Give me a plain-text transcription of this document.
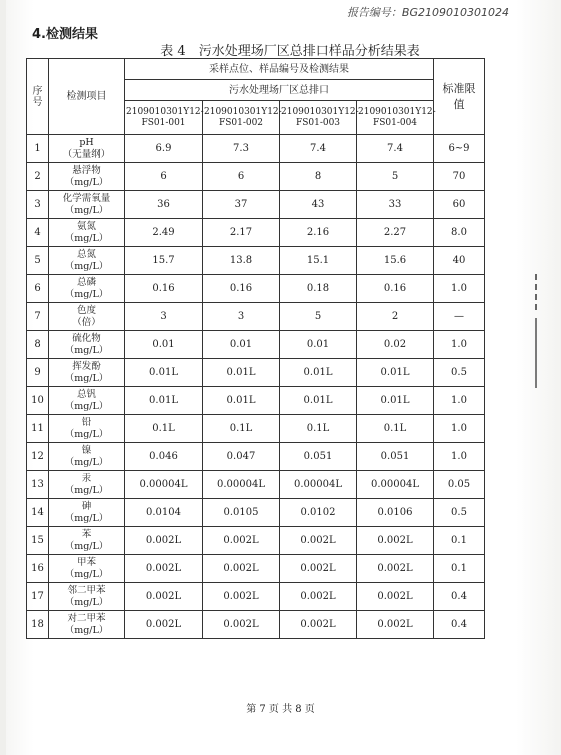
报告编号：BG2109010301024
4.检测结果
表 4　污水处理场厂区总排口样品分析结果表
序号	检测项目	采样点位、样品编号及检测结果				标准限值
		污水处理场厂区总排口				
		2109010301Y12-FS01-001	2109010301Y12-FS01-002	2109010301Y12-FS01-003	2109010301Y12-FS01-004	
1	pH
（无量纲）	6.9	7.3	7.4	7.4	6~9
2	悬浮物
（mg/L）	6	6	8	5	70
3	化学需氧量
（mg/L）	36	37	43	33	60
4	氨氮
（mg/L）	2.49	2.17	2.16	2.27	8.0
5	总氮
（mg/L）	15.7	13.8	15.1	15.6	40
6	总磷
（mg/L）	0.16	0.16	0.18	0.16	1.0
7	色度
（倍）	3	3	5	2	—
8	硫化物
（mg/L）	0.01	0.01	0.01	0.02	1.0
9	挥发酚
（mg/L）	0.01L	0.01L	0.01L	0.01L	0.5
10	总钒
（mg/L）	0.01L	0.01L	0.01L	0.01L	1.0
11	铅
（mg/L）	0.1L	0.1L	0.1L	0.1L	1.0
12	镍
（mg/L）	0.046	0.047	0.051	0.051	1.0
13	汞
（mg/L）	0.00004L	0.00004L	0.00004L	0.00004L	0.05
14	砷
（mg/L）	0.0104	0.0105	0.0102	0.0106	0.5
15	苯
（mg/L）	0.002L	0.002L	0.002L	0.002L	0.1
16	甲苯
（mg/L）	0.002L	0.002L	0.002L	0.002L	0.1
17	邻二甲苯
（mg/L）	0.002L	0.002L	0.002L	0.002L	0.4
18	对二甲苯
（mg/L）	0.002L	0.002L	0.002L	0.002L	0.4
第 7 页 共 8 页
